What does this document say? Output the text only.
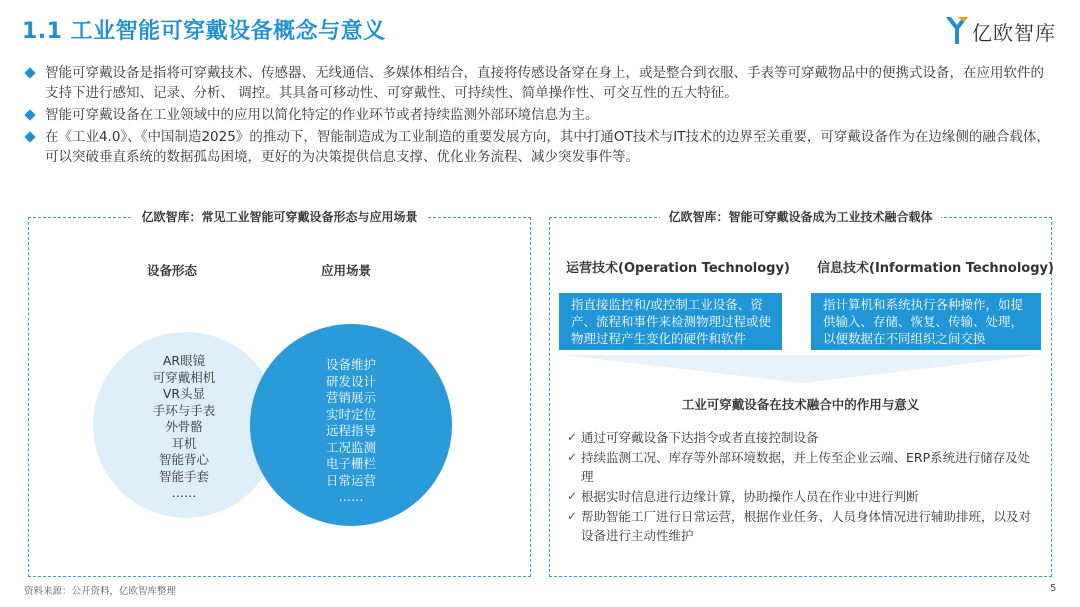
1.1 工业智能可穿戴设备概念与意义	亿欧智库
智能可穿戴设备是指将可穿戴技术、传感器、无线通信、多媒体相结合，直接将传感设备穿在身上，或是整合到衣服、手表等可穿戴物品中的便携式设备，在应用软件的支持下进行感知、记录、分析、 调控。其具备可移动性、可穿戴性、可持续性、简单操作性、可交互性的五大特征。
智能可穿戴设备在工业领域中的应用以简化特定的作业环节或者持续监测外部环境信息为主。
在《工业4.0》、《中国制造2025》的推动下，智能制造成为工业制造的重要发展方向，其中打通OT技术与IT技术的边界至关重要，可穿戴设备作为在边缘侧的融合载体，可以突破垂直系统的数据孤岛困境，更好的为决策提供信息支撑、优化业务流程、减少突发事件等。
亿欧智库：常见工业智能可穿戴设备形态与应用场景
设备形态	应用场景
AR眼镜
可穿戴相机
VR头显
手环与手表
外骨骼
耳机
智能背心
智能手套
……
设备维护
研发设计
营销展示
实时定位
远程指导
工况监测
电子栅栏
日常运营
……
亿欧智库：智能可穿戴设备成为工业技术融合载体
运营技术(Operation Technology) 信息技术(Information Technology)
指直接监控和/或控制工业设备、资产、流程和事件来检测物理过程或使物理过程产生变化的硬件和软件
指计算机和系统执行各种操作，如提供输入、存储、恢复、传输、处理，以便数据在不同组织之间交换
工业可穿戴设备在技术融合中的作用与意义
✓ 通过可穿戴设备下达指令或者直接控制设备
✓ 持续监测工况、库存等外部环境数据，并上传至企业云端、ERP系统进行储存及处理
✓ 根据实时信息进行边缘计算，协助操作人员在作业中进行判断
✓ 帮助智能工厂进行日常运营，根据作业任务、人员身体情况进行辅助排班，以及对设备进行主动性维护
资料来源：公开资料，亿欧智库整理	5
